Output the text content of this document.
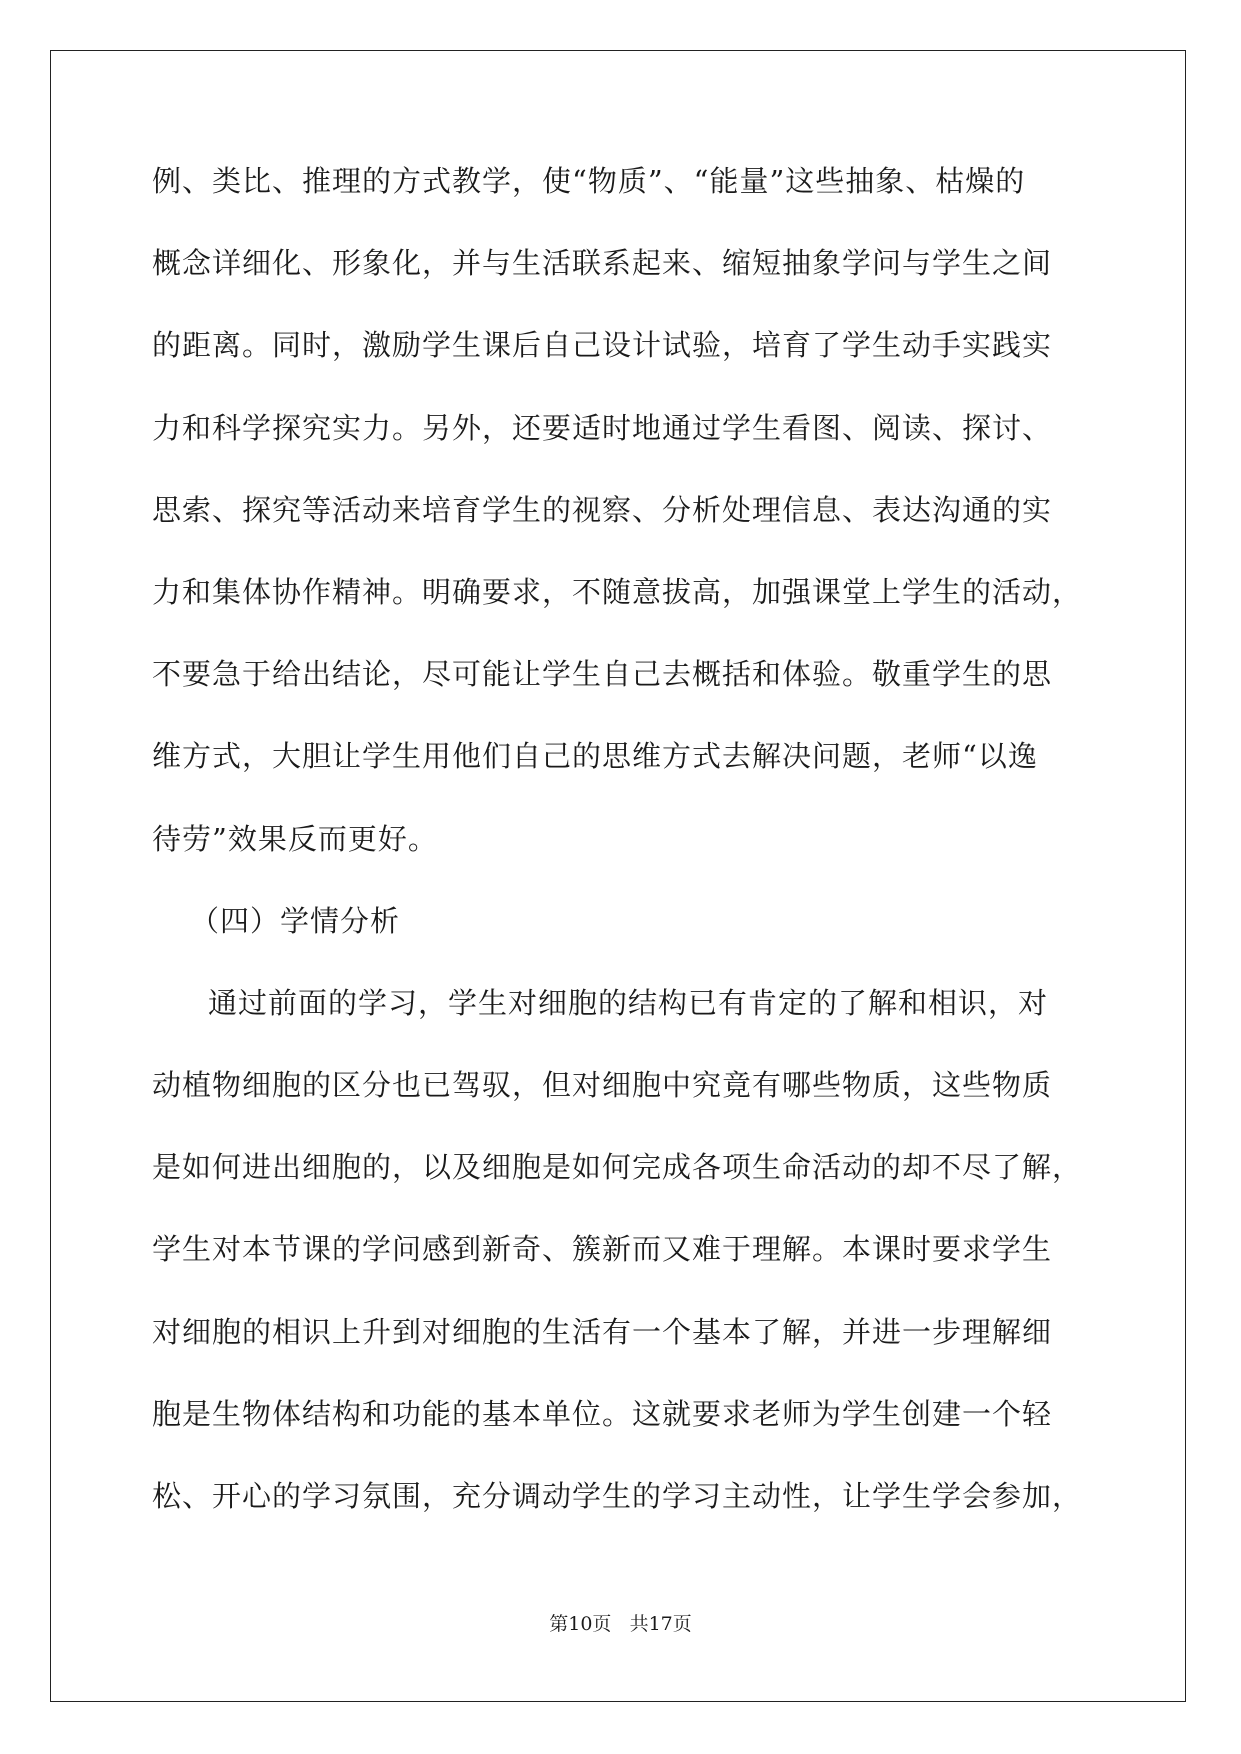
例、类比、推理的方式教学，使“物质”、“能量”这些抽象、枯燥的
概念详细化、形象化，并与生活联系起来、缩短抽象学问与学生之间
的距离。同时，激励学生课后自己设计试验，培育了学生动手实践实
力和科学探究实力。另外，还要适时地通过学生看图、阅读、探讨、
思索、探究等活动来培育学生的视察、分析处理信息、表达沟通的实
力和集体协作精神。明确要求，不随意拔高，加强课堂上学生的活动，
不要急于给出结论，尽可能让学生自己去概括和体验。敬重学生的思
维方式，大胆让学生用他们自己的思维方式去解决问题，老师“以逸
待劳”效果反而更好。
（四）学情分析
通过前面的学习，学生对细胞的结构已有肯定的了解和相识，对
动植物细胞的区分也已驾驭，但对细胞中究竟有哪些物质，这些物质
是如何进出细胞的，以及细胞是如何完成各项生命活动的却不尽了解，
学生对本节课的学问感到新奇、簇新而又难于理解。本课时要求学生
对细胞的相识上升到对细胞的生活有一个基本了解，并进一步理解细
胞是生物体结构和功能的基本单位。这就要求老师为学生创建一个轻
松、开心的学习氛围，充分调动学生的学习主动性，让学生学会参加，
第10页 共17页
